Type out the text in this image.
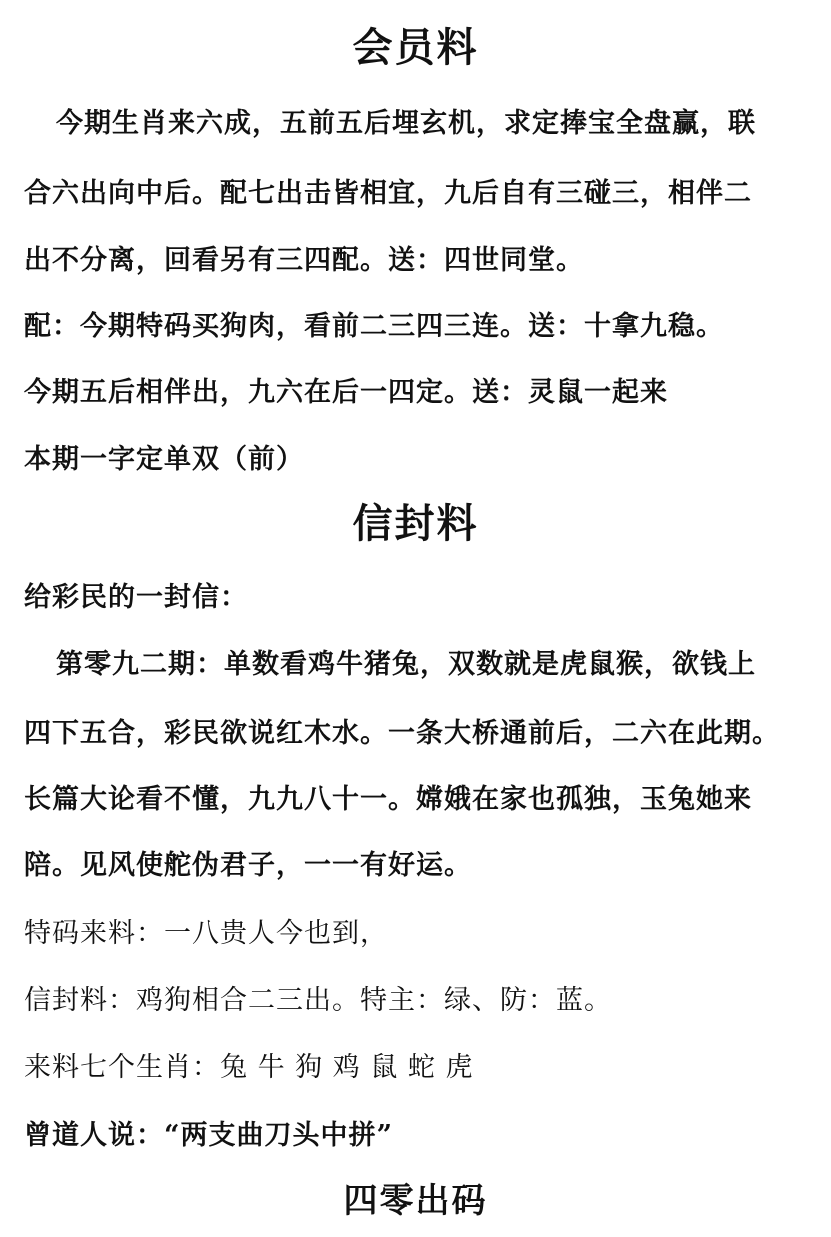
会员料
今期生肖来六成，五前五后埋玄机，求定捧宝全盘赢，联
合六出向中后。配七出击皆相宜，九后自有三碰三，相伴二
出不分离，回看另有三四配。送：四世同堂。
配：今期特码买狗肉，看前二三四三连。送：十拿九稳。
今期五后相伴出，九六在后一四定。送：灵鼠一起来
本期一字定单双（前）
信封料
给彩民的一封信：
第零九二期：单数看鸡牛猪兔，双数就是虎鼠猴，欲钱上
四下五合，彩民欲说红木水。一条大桥通前后，二六在此期。
长篇大论看不懂，九九八十一。嫦娥在家也孤独，玉兔她来
陪。见风使舵伪君子，一一有好运。
特码来料：一八贵人今也到，
信封料：鸡狗相合二三出。特主：绿、防：蓝。
来料七个生肖：兔 牛 狗 鸡 鼠 蛇 虎
曾道人说：“两支曲刀头中拼”
四零出码
